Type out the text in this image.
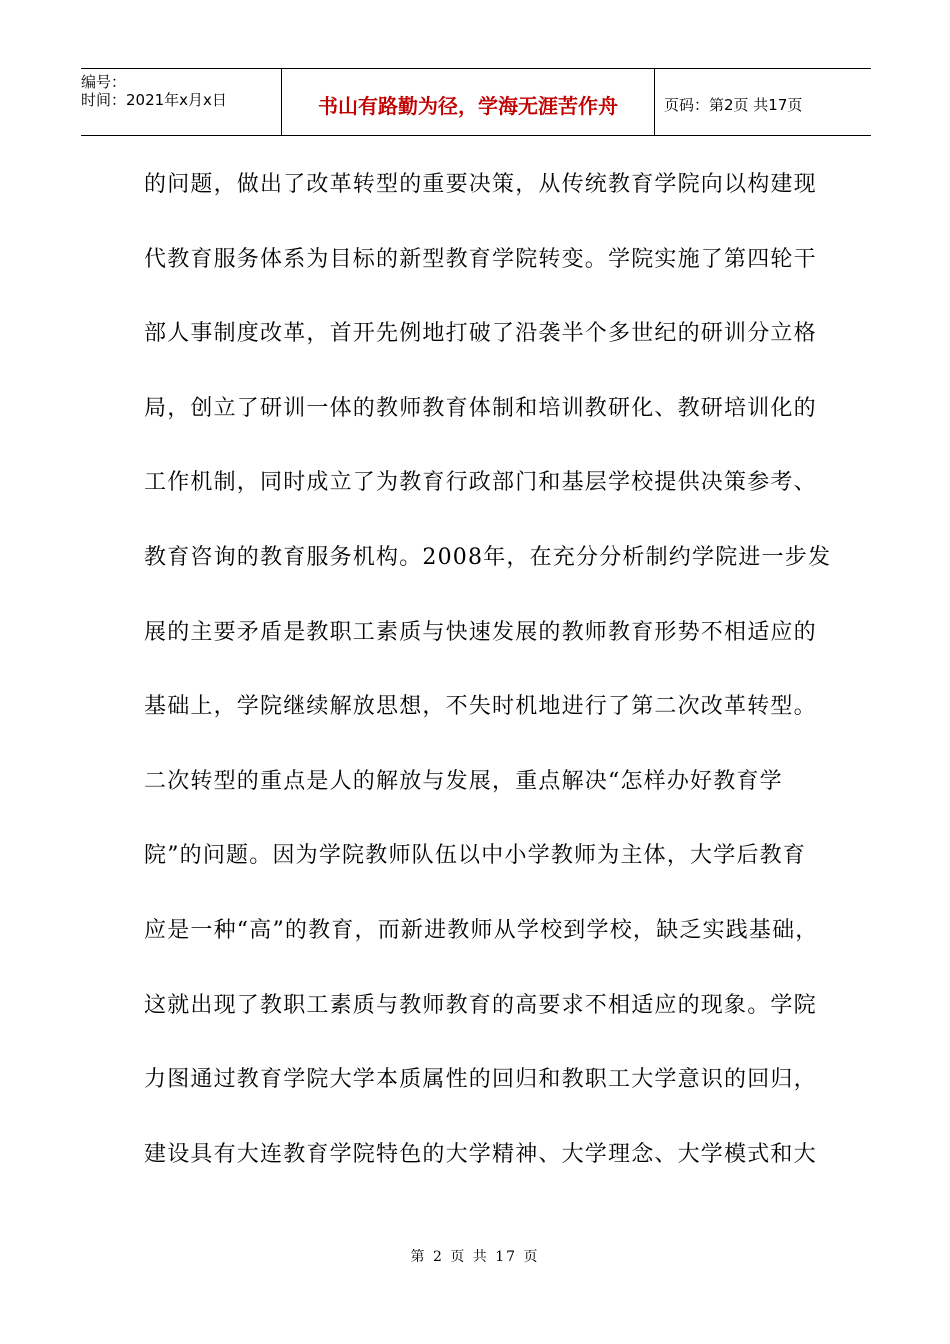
编号：
时间：2021年x月x日	书山有路勤为径，学海无涯苦作舟	页码：第2页 共17页
的问题，做出了改革转型的重要决策，从传统教育学院向以构建现
代教育服务体系为目标的新型教育学院转变。学院实施了第四轮干
部人事制度改革，首开先例地打破了沿袭半个多世纪的研训分立格
局，创立了研训一体的教师教育体制和培训教研化、教研培训化的
工作机制，同时成立了为教育行政部门和基层学校提供决策参考、
教育咨询的教育服务机构。2008年，在充分分析制约学院进一步发
展的主要矛盾是教职工素质与快速发展的教师教育形势不相适应的
基础上，学院继续解放思想，不失时机地进行了第二次改革转型。
二次转型的重点是人的解放与发展，重点解决“怎样办好教育学
院”的问题。因为学院教师队伍以中小学教师为主体，大学后教育
应是一种“高”的教育，而新进教师从学校到学校，缺乏实践基础，
这就出现了教职工素质与教师教育的高要求不相适应的现象。学院
力图通过教育学院大学本质属性的回归和教职工大学意识的回归，
建设具有大连教育学院特色的大学精神、大学理念、大学模式和大
第 2 页 共 17 页
